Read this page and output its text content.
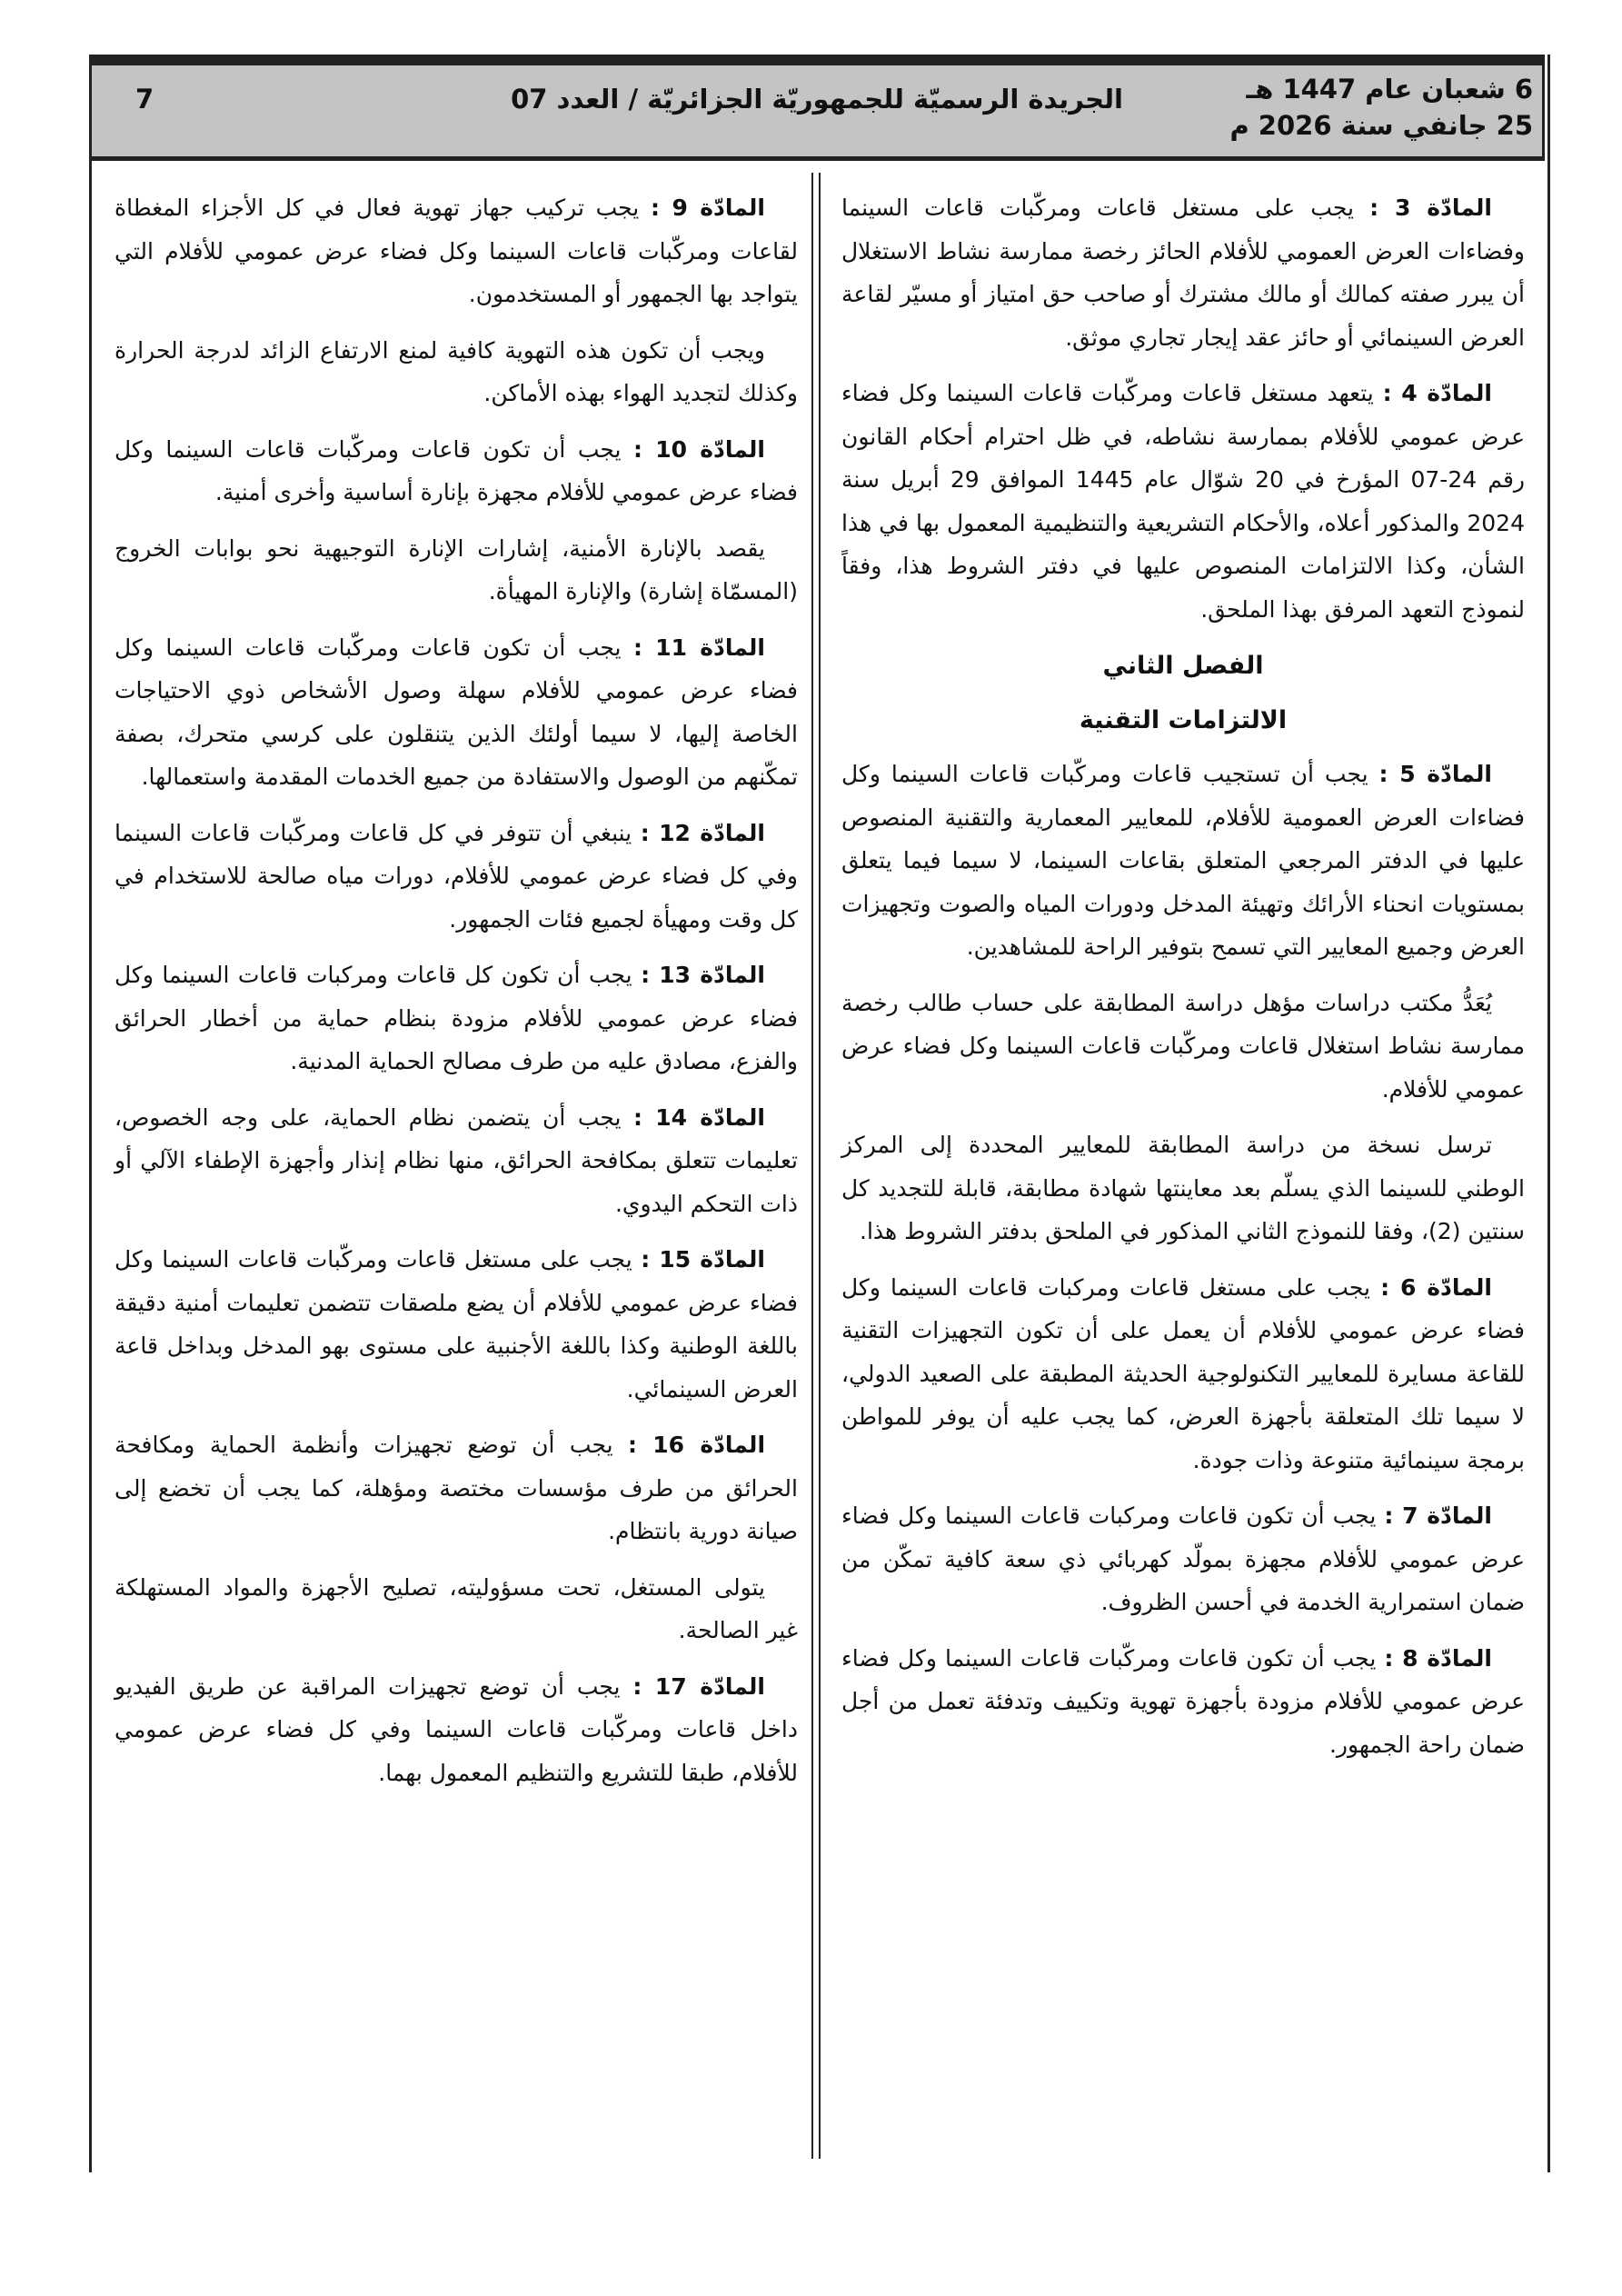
6 شعبان عام 1447 هـ
25 جانفي سنة 2026 م
الجريدة الرسميّة للجمهوريّة الجزائريّة / العدد 07
7

المادّة 3 : يجب على مستغل قاعات ومركّبات قاعات السينما وفضاءات العرض العمومي للأفلام الحائز رخصة ممارسة نشاط الاستغلال أن يبرر صفته كمالك أو مالك مشترك أو صاحب حق امتياز أو مسيّر لقاعة العرض السينمائي أو حائز عقد إيجار تجاري موثق.

المادّة 4 : يتعهد مستغل قاعات ومركّبات قاعات السينما وكل فضاء عرض عمومي للأفلام بممارسة نشاطه، في ظل احترام أحكام القانون رقم 24-07 المؤرخ في 20 شوّال عام 1445 الموافق 29 أبريل سنة 2024 والمذكور أعلاه، والأحكام التشريعية والتنظيمية المعمول بها في هذا الشأن، وكذا الالتزامات المنصوص عليها في دفتر الشروط هذا، وفقاً لنموذج التعهد المرفق بهذا الملحق.

الفصل الثاني
الالتزامات التقنية

المادّة 5 : يجب أن تستجيب قاعات ومركّبات قاعات السينما وكل فضاءات العرض العمومية للأفلام، للمعايير المعمارية والتقنية المنصوص عليها في الدفتر المرجعي المتعلق بقاعات السينما، لا سيما فيما يتعلق بمستويات انحناء الأرائك وتهيئة المدخل ودورات المياه والصوت وتجهيزات العرض وجميع المعايير التي تسمح بتوفير الراحة للمشاهدين.

يُعَدُّ مكتب دراسات مؤهل دراسة المطابقة على حساب طالب رخصة ممارسة نشاط استغلال قاعات ومركّبات قاعات السينما وكل فضاء عرض عمومي للأفلام.

ترسل نسخة من دراسة المطابقة للمعايير المحددة إلى المركز الوطني للسينما الذي يسلّم بعد معاينتها شهادة مطابقة، قابلة للتجديد كل سنتين (2)، وفقا للنموذج الثاني المذكور في الملحق بدفتر الشروط هذا.

المادّة 6 : يجب على مستغل قاعات ومركبات قاعات السينما وكل فضاء عرض عمومي للأفلام أن يعمل على أن تكون التجهيزات التقنية للقاعة مسايرة للمعايير التكنولوجية الحديثة المطبقة على الصعيد الدولي، لا سيما تلك المتعلقة بأجهزة العرض، كما يجب عليه أن يوفر للمواطن برمجة سينمائية متنوعة وذات جودة.

المادّة 7 : يجب أن تكون قاعات ومركبات قاعات السينما وكل فضاء عرض عمومي للأفلام مجهزة بمولّد كهربائي ذي سعة كافية تمكّن من ضمان استمرارية الخدمة في أحسن الظروف.

المادّة 8 : يجب أن تكون قاعات ومركّبات قاعات السينما وكل فضاء عرض عمومي للأفلام مزودة بأجهزة تهوية وتكييف وتدفئة تعمل من أجل ضمان راحة الجمهور.

المادّة 9 : يجب تركيب جهاز تهوية فعال في كل الأجزاء المغطاة لقاعات ومركّبات قاعات السينما وكل فضاء عرض عمومي للأفلام التي يتواجد بها الجمهور أو المستخدمون.

ويجب أن تكون هذه التهوية كافية لمنع الارتفاع الزائد لدرجة الحرارة وكذلك لتجديد الهواء بهذه الأماكن.

المادّة 10 : يجب أن تكون قاعات ومركّبات قاعات السينما وكل فضاء عرض عمومي للأفلام مجهزة بإنارة أساسية وأخرى أمنية.

يقصد بالإنارة الأمنية، إشارات الإنارة التوجيهية نحو بوابات الخروج (المسمّاة إشارة) والإنارة المهيأة.

المادّة 11 : يجب أن تكون قاعات ومركّبات قاعات السينما وكل فضاء عرض عمومي للأفلام سهلة وصول الأشخاص ذوي الاحتياجات الخاصة إليها، لا سيما أولئك الذين يتنقلون على كرسي متحرك، بصفة تمكّنهم من الوصول والاستفادة من جميع الخدمات المقدمة واستعمالها.

المادّة 12 : ينبغي أن تتوفر في كل قاعات ومركّبات قاعات السينما وفي كل فضاء عرض عمومي للأفلام، دورات مياه صالحة للاستخدام في كل وقت ومهيأة لجميع فئات الجمهور.

المادّة 13 : يجب أن تكون كل قاعات ومركبات قاعات السينما وكل فضاء عرض عمومي للأفلام مزودة بنظام حماية من أخطار الحرائق والفزع، مصادق عليه من طرف مصالح الحماية المدنية.

المادّة 14 : يجب أن يتضمن نظام الحماية، على وجه الخصوص، تعليمات تتعلق بمكافحة الحرائق، منها نظام إنذار وأجهزة الإطفاء الآلي أو ذات التحكم اليدوي.

المادّة 15 : يجب على مستغل قاعات ومركّبات قاعات السينما وكل فضاء عرض عمومي للأفلام أن يضع ملصقات تتضمن تعليمات أمنية دقيقة باللغة الوطنية وكذا باللغة الأجنبية على مستوى بهو المدخل وبداخل قاعة العرض السينمائي.

المادّة 16 : يجب أن توضع تجهيزات وأنظمة الحماية ومكافحة الحرائق من طرف مؤسسات مختصة ومؤهلة، كما يجب أن تخضع إلى صيانة دورية بانتظام.

يتولى المستغل، تحت مسؤوليته، تصليح الأجهزة والمواد المستهلكة غير الصالحة.

المادّة 17 : يجب أن توضع تجهيزات المراقبة عن طريق الفيديو داخل قاعات ومركّبات قاعات السينما وفي كل فضاء عرض عمومي للأفلام، طبقا للتشريع والتنظيم المعمول بهما.
